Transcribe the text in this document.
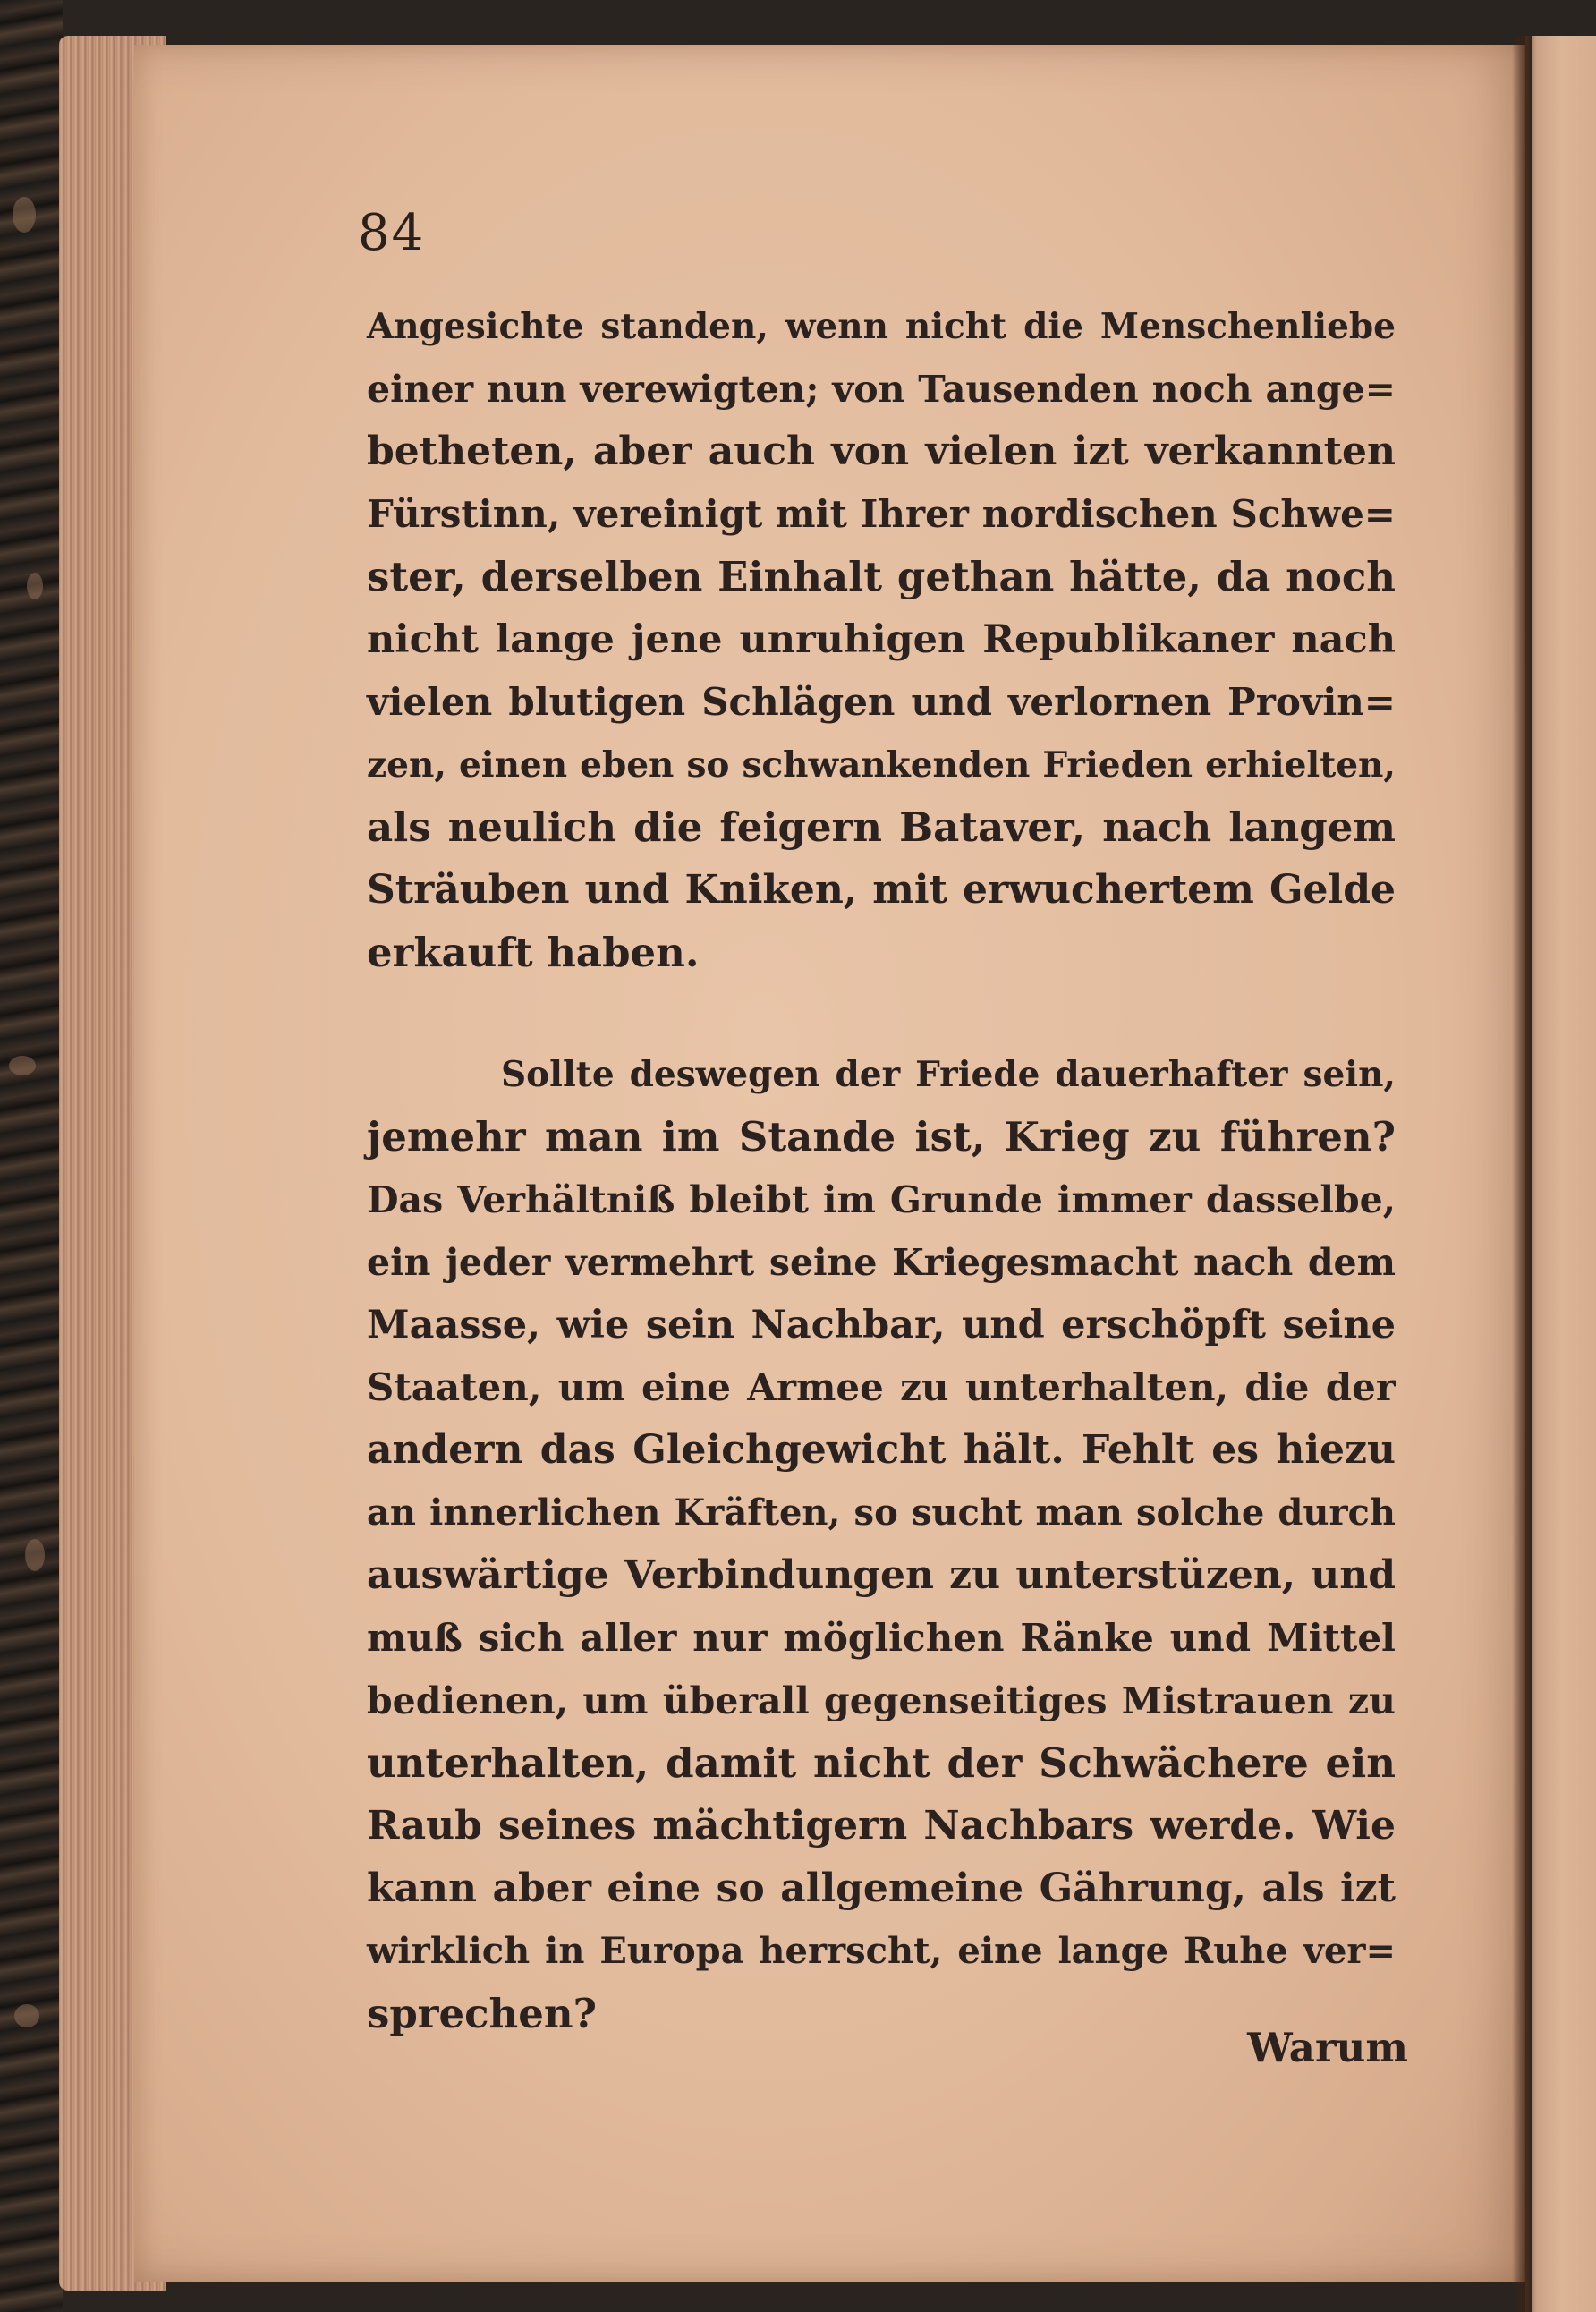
84
Angesichte standen, wenn nicht die Menschenliebe
einer nun verewigten; von Tausenden noch ange=
betheten, aber auch von vielen izt verkannten
Fürstinn, vereinigt mit Ihrer nordischen Schwe=
ster, derselben Einhalt gethan hätte, da noch
nicht lange jene unruhigen Republikaner nach
vielen blutigen Schlägen und verlornen Provin=
zen, einen eben so schwankenden Frieden erhielten,
als neulich die feigern Bataver, nach langem
Sträuben und Kniken, mit erwuchertem Gelde
erkauft haben.
Sollte deswegen der Friede dauerhafter sein,
jemehr man im Stande ist, Krieg zu führen?
Das Verhältniß bleibt im Grunde immer dasselbe,
ein jeder vermehrt seine Kriegesmacht nach dem
Maasse, wie sein Nachbar, und erschöpft seine
Staaten, um eine Armee zu unterhalten, die der
andern das Gleichgewicht hält. Fehlt es hiezu
an innerlichen Kräften, so sucht man solche durch
auswärtige Verbindungen zu unterstüzen, und
muß sich aller nur möglichen Ränke und Mittel
bedienen, um überall gegenseitiges Mistrauen zu
unterhalten, damit nicht der Schwächere ein
Raub seines mächtigern Nachbars werde. Wie
kann aber eine so allgemeine Gährung, als izt
wirklich in Europa herrscht, eine lange Ruhe ver=
sprechen?
Warum
